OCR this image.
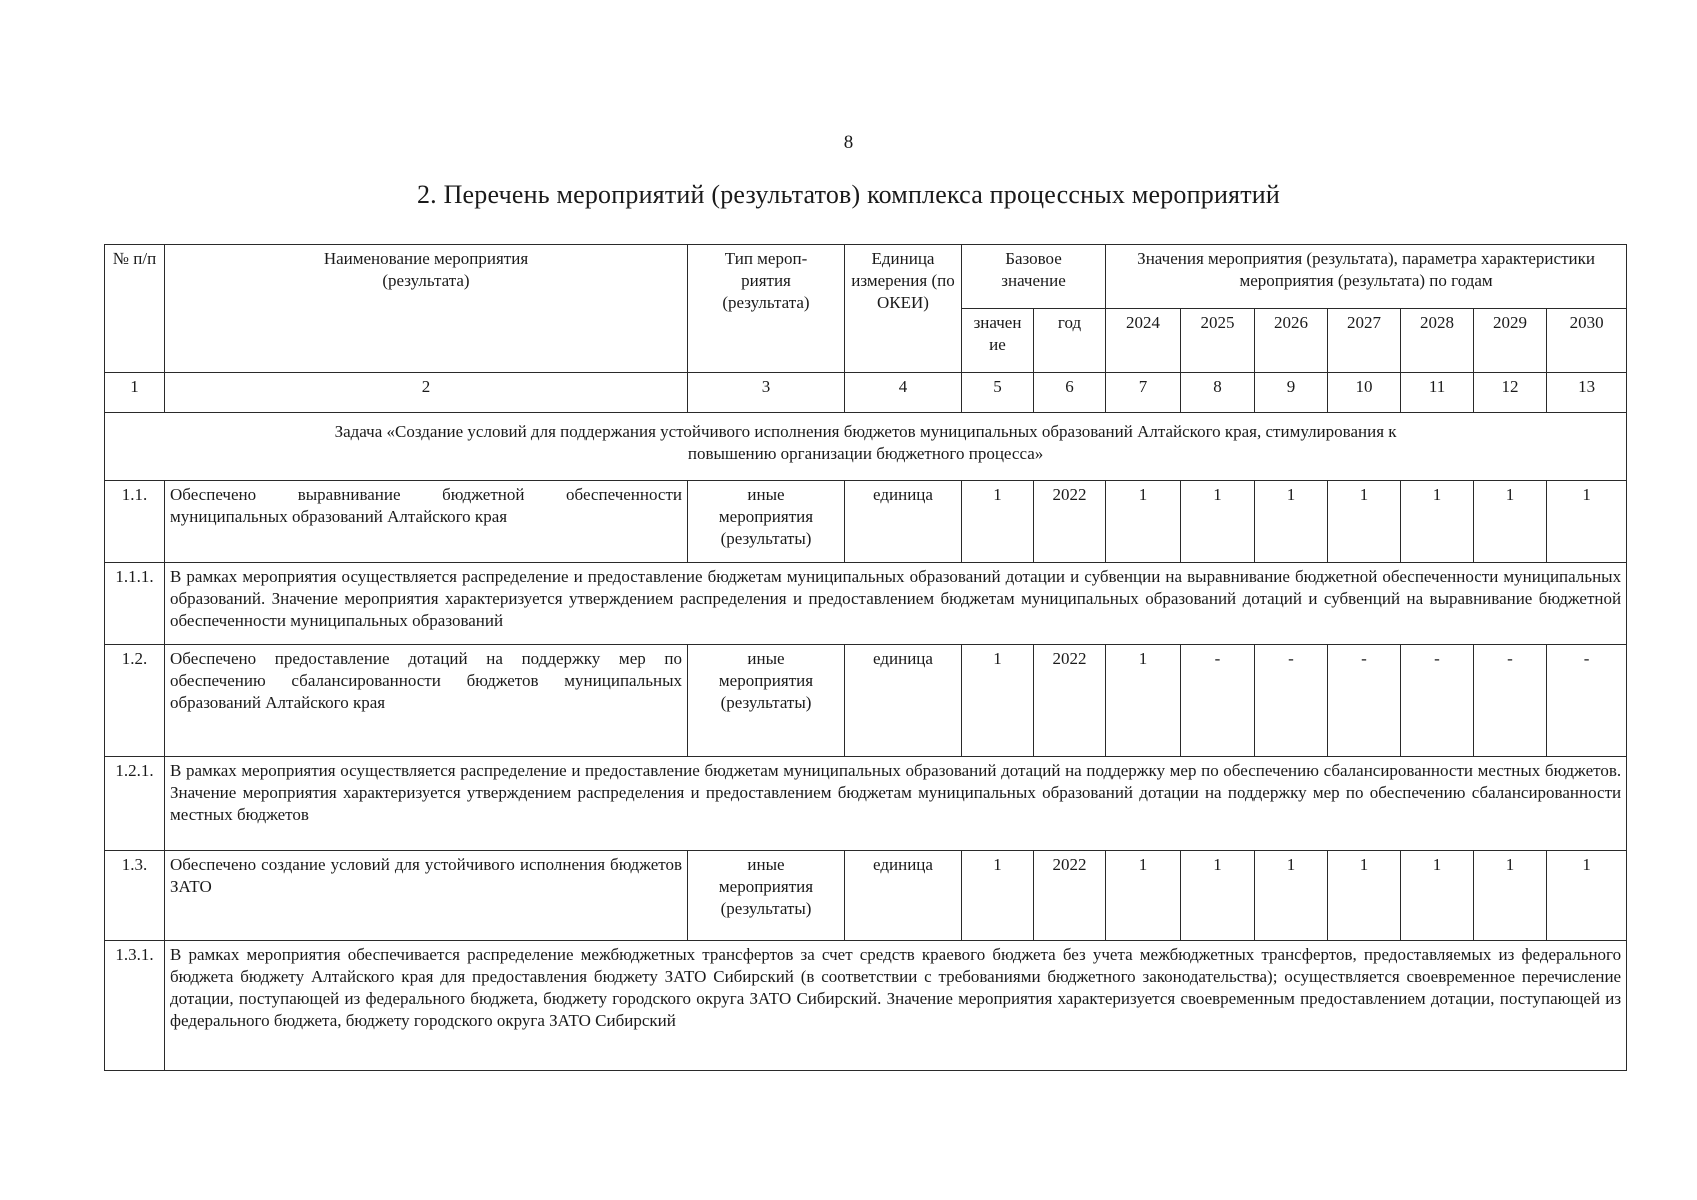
8
2. Перечень мероприятий (результатов) комплекса процессных мероприятий
№ п/п	Наименование мероприятия (результата)	Тип мероп-риятия (результата)	Единица измерения (по ОКЕИ)	Базовое значение		Значения мероприятия (результата), параметра характеристики мероприятия (результата) по годам						

				значен ие	год	2024	2025	2026	2027	2028	2029	2030
1	2	3	4	5	6	7	8	9	10	11	12	13

Задача «Создание условий для поддержания устойчивого исполнения бюджетов муниципальных образований Алтайского края, стимулирования к повышению организации бюджетного процесса»												

1.1.	Обеспечено выравнивание бюджетной обеспеченности муниципальных образований Алтайского края	иные мероприятия (результаты)	единица	1	2022	1	1	1	1	1	1	1
1.1.1.	В рамках мероприятия осуществляется распределение и предоставление бюджетам муниципальных образований дотации и субвенции на выравнивание бюджетной обеспеченности муниципальных образований. Значение мероприятия характеризуется утверждением распределения и предоставлением бюджетам муниципальных образований дотаций и субвенций на выравнивание бюджетной обеспеченности муниципальных образований											
1.2.	Обеспечено предоставление дотаций на поддержку мер по обеспечению сбалансированности бюджетов муниципальных образований Алтайского края	иные мероприятия (результаты)	единица	1	2022	1	-	-	-	-	-	-
1.2.1.	В рамках мероприятия осуществляется распределение и предоставление бюджетам муниципальных образований дотаций на поддержку мер по обеспечению сбалансированности местных бюджетов. Значение мероприятия характеризуется утверждением распределения и предоставлением бюджетам муниципальных образований дотации на поддержку мер по обеспечению сбалансированности местных бюджетов											
1.3.	Обеспечено создание условий для устойчивого исполнения бюджетов ЗАТО	иные мероприятия (результаты)	единица	1	2022	1	1	1	1	1	1	1
1.3.1.	В рамках мероприятия обеспечивается распределение межбюджетных трансфертов за счет средств краевого бюджета без учета межбюджетных трансфертов, предоставляемых из федерального бюджета бюджету Алтайского края для предоставления бюджету ЗАТО Сибирский (в соответствии с требованиями бюджетного законодательства); осуществляется своевременное перечисление дотации, поступающей из федерального бюджета, бюджету городского округа ЗАТО Сибирский. Значение мероприятия характеризуется своевременным предоставлением дотации, поступающей из федерального бюджета, бюджету городского округа ЗАТО Сибирский											
